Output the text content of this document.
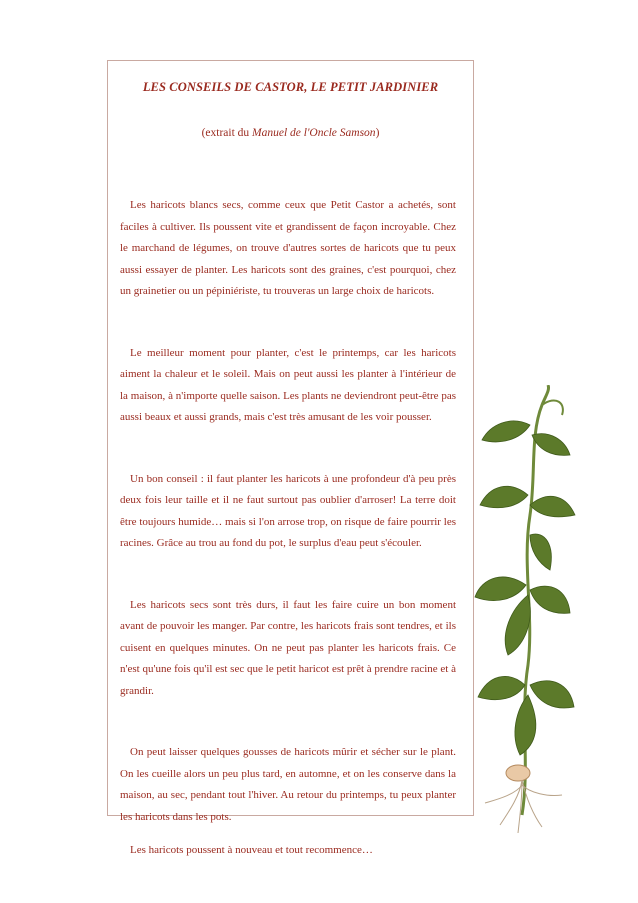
LES CONSEILS DE CASTOR, LE PETIT JARDINIER
(extrait du Manuel de l'Oncle Samson)

Les haricots blancs secs, comme ceux que Petit Castor a achetés, sont faciles à cultiver. Ils poussent vite et grandissent de façon incroyable. Chez le marchand de légumes, on trouve d'autres sortes de haricots que tu peux aussi essayer de planter. Les haricots sont des graines, c'est pourquoi, chez un grainetier ou un pépiniériste, tu trouveras un large choix de haricots.

Le meilleur moment pour planter, c'est le printemps, car les haricots aiment la chaleur et le soleil. Mais on peut aussi les planter à l'intérieur de la maison, à n'importe quelle saison. Les plants ne deviendront peut-être pas aussi beaux et aussi grands, mais c'est très amusant de les voir pousser.

Un bon conseil : il faut planter les haricots à une profondeur d'à peu près deux fois leur taille et il ne faut surtout pas oublier d'arroser! La terre doit être toujours humide… mais si l'on arrose trop, on risque de faire pourrir les racines. Grâce au trou au fond du pot, le surplus d'eau peut s'écouler.

Les haricots secs sont très durs, il faut les faire cuire un bon moment avant de pouvoir les manger. Par contre, les haricots frais sont tendres, et ils cuisent en quelques minutes. On ne peut pas planter les haricots frais. Ce n'est qu'une fois qu'il est sec que le petit haricot est prêt à prendre racine et à grandir.

On peut laisser quelques gousses de haricots mûrir et sécher sur le plant. On les cueille alors un peu plus tard, en automne, et on les conserve dans la maison, au sec, pendant tout l'hiver. Au retour du printemps, tu peux planter les haricots dans les pots.

Les haricots poussent à nouveau et tout recommence…
